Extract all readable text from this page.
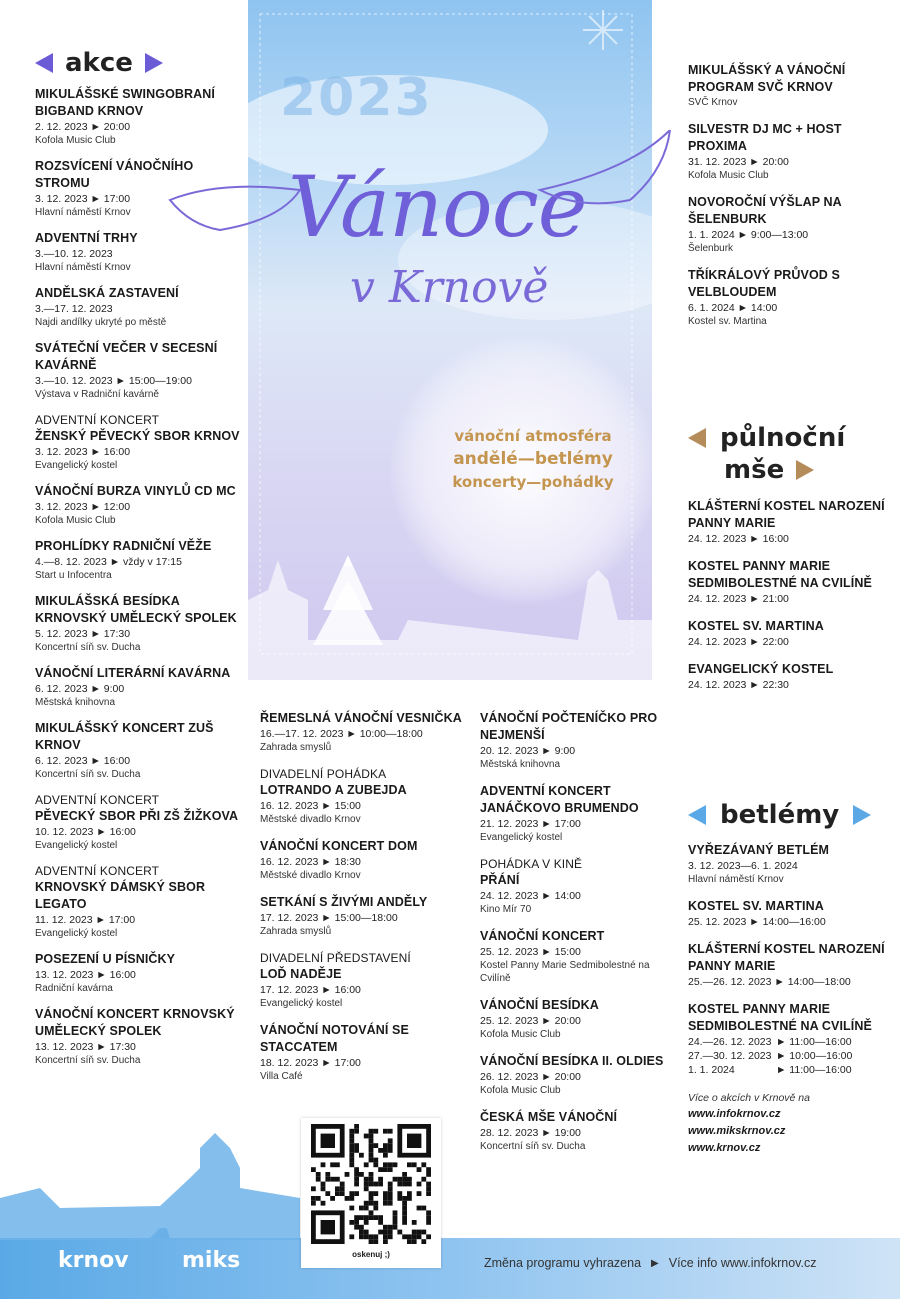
2023
Vánoce
v Krnově
vánoční atmosféra
andělé—betlémy
koncerty—pohádky
akce
MIKULÁŠSKÉ SWINGOBRANÍ BIGBAND KRNOV
2. 12. 2023 ► 20:00
Kofola Music Club
ROZSVÍCENÍ VÁNOČNÍHO STROMU
3. 12. 2023 ► 17:00
Hlavní náměstí Krnov
ADVENTNÍ TRHY
3.—10. 12. 2023
Hlavní náměstí Krnov
ANDĚLSKÁ ZASTAVENÍ
3.—17. 12. 2023
Najdi andílky ukryté po městě
SVÁTEČNÍ VEČER V SECESNÍ KAVÁRNĚ
3.—10. 12. 2023 ► 15:00—19:00
Výstava v Radniční kavárně
ADVENTNÍ KONCERT
ŽENSKÝ PĚVECKÝ SBOR KRNOV
3. 12. 2023 ► 16:00
Evangelický kostel
VÁNOČNÍ BURZA VINYLŮ CD MC
3. 12. 2023 ► 12:00
Kofola Music Club
PROHLÍDKY RADNIČNÍ VĚŽE
4.—8. 12. 2023 ► vždy v 17:15
Start u Infocentra
MIKULÁŠSKÁ BESÍDKA KRNOVSKÝ UMĚLECKÝ SPOLEK
5. 12. 2023 ► 17:30
Koncertní síň sv. Ducha
VÁNOČNÍ LITERÁRNÍ KAVÁRNA
6. 12. 2023 ► 9:00
Městská knihovna
MIKULÁŠSKÝ KONCERT ZUŠ KRNOV
6. 12. 2023 ► 16:00
Koncertní síň sv. Ducha
ADVENTNÍ KONCERT
PĚVECKÝ SBOR PŘI ZŠ ŽIŽKOVA
10. 12. 2023 ► 16:00
Evangelický kostel
ADVENTNÍ KONCERT
KRNOVSKÝ DÁMSKÝ SBOR LEGATO
11. 12. 2023 ► 17:00
Evangelický kostel
POSEZENÍ U PÍSNIČKY
13. 12. 2023 ► 16:00
Radniční kavárna
VÁNOČNÍ KONCERT KRNOVSKÝ UMĚLECKÝ SPOLEK
13. 12. 2023 ► 17:30
Koncertní síň sv. Ducha
ŘEMESLNÁ VÁNOČNÍ VESNIČKA
16.—17. 12. 2023 ► 10:00—18:00
Zahrada smyslů
DIVADELNÍ POHÁDKA
LOTRANDO A ZUBEJDA
16. 12. 2023 ► 15:00
Městské divadlo Krnov
VÁNOČNÍ KONCERT DOM
16. 12. 2023 ► 18:30
Městské divadlo Krnov
SETKÁNÍ S ŽIVÝMI ANDĚLY
17. 12. 2023 ► 15:00—18:00
Zahrada smyslů
DIVADELNÍ PŘEDSTAVENÍ
LOĎ NADĚJE
17. 12. 2023 ► 16:00
Evangelický kostel
VÁNOČNÍ NOTOVÁNÍ SE STACCATEM
18. 12. 2023 ► 17:00
Villa Café
VÁNOČNÍ POČTENÍČKO PRO NEJMENŠÍ
20. 12. 2023 ► 9:00
Městská knihovna
ADVENTNÍ KONCERT JANÁČKOVO BRUMENDO
21. 12. 2023 ► 17:00
Evangelický kostel
POHÁDKA V KINĚ
PŘÁNÍ
24. 12. 2023 ► 14:00
Kino Mír 70
VÁNOČNÍ KONCERT
25. 12. 2023 ► 15:00
Kostel Panny Marie Sedmibolestné na Cvilíně
VÁNOČNÍ BESÍDKA
25. 12. 2023 ► 20:00
Kofola Music Club
VÁNOČNÍ BESÍDKA II. OLDIES
26. 12. 2023 ► 20:00
Kofola Music Club
ČESKÁ MŠE VÁNOČNÍ
28. 12. 2023 ► 19:00
Koncertní síň sv. Ducha
MIKULÁŠSKÝ A VÁNOČNÍ PROGRAM SVČ KRNOV
SVČ Krnov
SILVESTR DJ MC + HOST PROXIMA
31. 12. 2023 ► 20:00
Kofola Music Club
NOVOROČNÍ VÝŠLAP NA ŠELENBURK
1. 1. 2024 ► 9:00—13:00
Šelenburk
TŘÍKRÁLOVÝ PRŮVOD S VELBLOUDEM
6. 1. 2024 ► 14:00
Kostel sv. Martina
půlnoční
mše
KLÁŠTERNÍ KOSTEL NAROZENÍ PANNY MARIE
24. 12. 2023 ► 16:00
KOSTEL PANNY MARIE SEDMIBOLESTNÉ NA CVILÍNĚ
24. 12. 2023 ► 21:00
KOSTEL SV. MARTINA
24. 12. 2023 ► 22:00
EVANGELICKÝ KOSTEL
24. 12. 2023 ► 22:30
betlémy
VYŘEZÁVANÝ BETLÉM
3. 12. 2023—6. 1. 2024
Hlavní náměstí Krnov
KOSTEL SV. MARTINA
25. 12. 2023 ► 14:00—16:00
KLÁŠTERNÍ KOSTEL NAROZENÍ PANNY MARIE
25.—26. 12. 2023 ► 14:00—18:00
KOSTEL PANNY MARIE SEDMIBOLESTNÉ NA CVILÍNĚ
24.—26. 12. 2023 ► 11:00—16:00
27.—30. 12. 2023 ► 10:00—16:00
1. 1. 2024	► 11:00—16:00
Více o akcích v Krnově na
www.infokrnov.cz
www.mikskrnov.cz
www.krnov.cz
krnov miks	Změna programu vyhrazena ▶ Více info www.infokrnov.cz
oskenuj ;)
